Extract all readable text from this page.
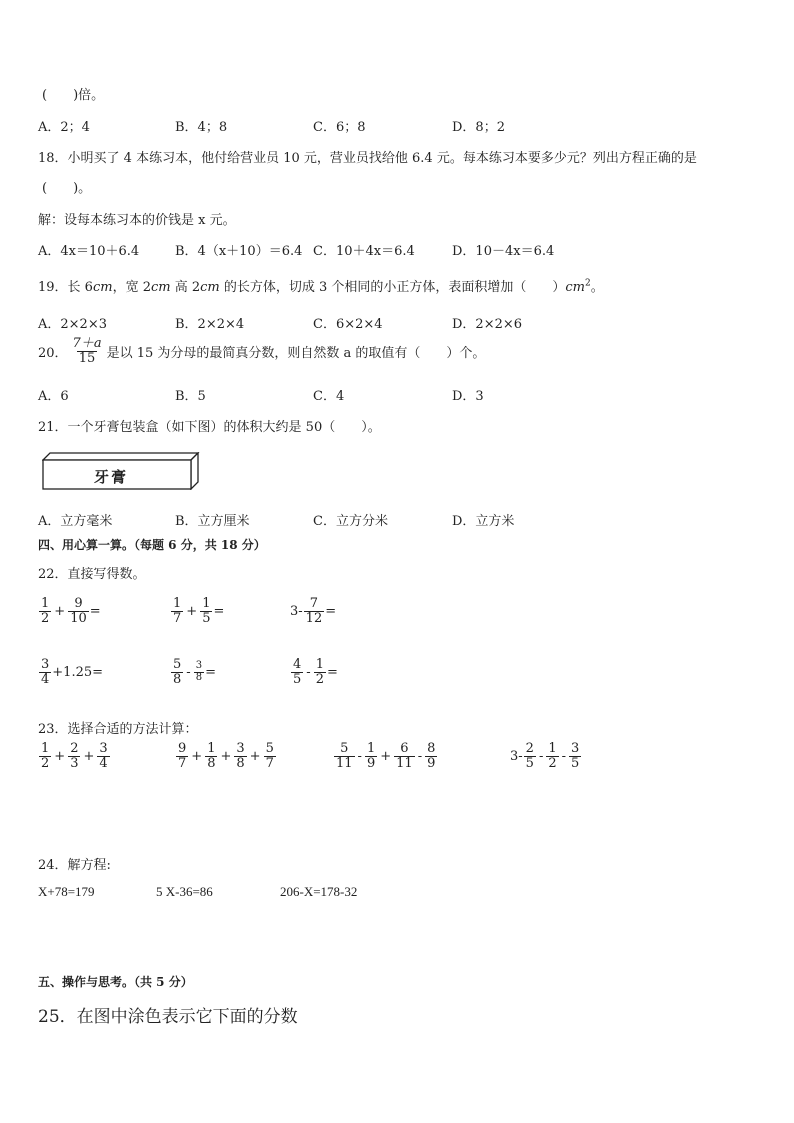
(　　)倍。
A．2；4	B．4；8	C．6；8	D．8；2
18．小明买了 4 本练习本，他付给营业员 10 元，营业员找给他 6.4 元。每本练习本要多少元？列出方程正确的是
(　　)。
解：设每本练习本的价钱是 x 元。
A．4x＝10＋6.4	B．4（x＋10）＝6.4 C．10＋4x＝6.4	D．10－4x＝6.4
19．长 6cm，宽 2cm 高 2cm 的长方体，切成 3 个相同的小正方体，表面积增加（　　）$cm^2$。
A．2×2×3	B．2×2×4	C．6×2×4	D．2×2×6
20． $\frac{7+a}{15}$ 是以 15 为分母的最简真分数，则自然数 a 的取值有（　　）个。
A．6	B．5	C．4	D．3
21．一个牙膏包装盒（如下图）的体积大约是 50（　　）。
牙膏
A．立方毫米	B．立方厘米	C．立方分米	D．立方米
四、用心算一算。（每题 6 分，共 18 分）
22．直接写得数。
$\frac{1}{2} + \frac{9}{10}$ =	$\frac{1}{7} + \frac{1}{5}$ =	$3- \frac{7}{12}$ =
$\frac{3}{4} +1.25=$	$\frac{5}{8} - \frac{3}{8}$ =	$\frac{4}{5} - \frac{1}{2}$ =
23．选择合适的方法计算：
$\frac{1}{2} + \frac{2}{3} + \frac{3}{4}$	$\frac{9}{7} + \frac{1}{8} + \frac{3}{8} + \frac{5}{7}$	$\frac{5}{11} - \frac{1}{9} + \frac{6}{11} - \frac{8}{9}$	$3- \frac{2}{5} - \frac{1}{2} - \frac{3}{5}$
24．解方程:
X+78=179	5 X-36=86	206-X=178-32
五、操作与思考。（共 5 分）
25．在图中涂色表示它下面的分数
